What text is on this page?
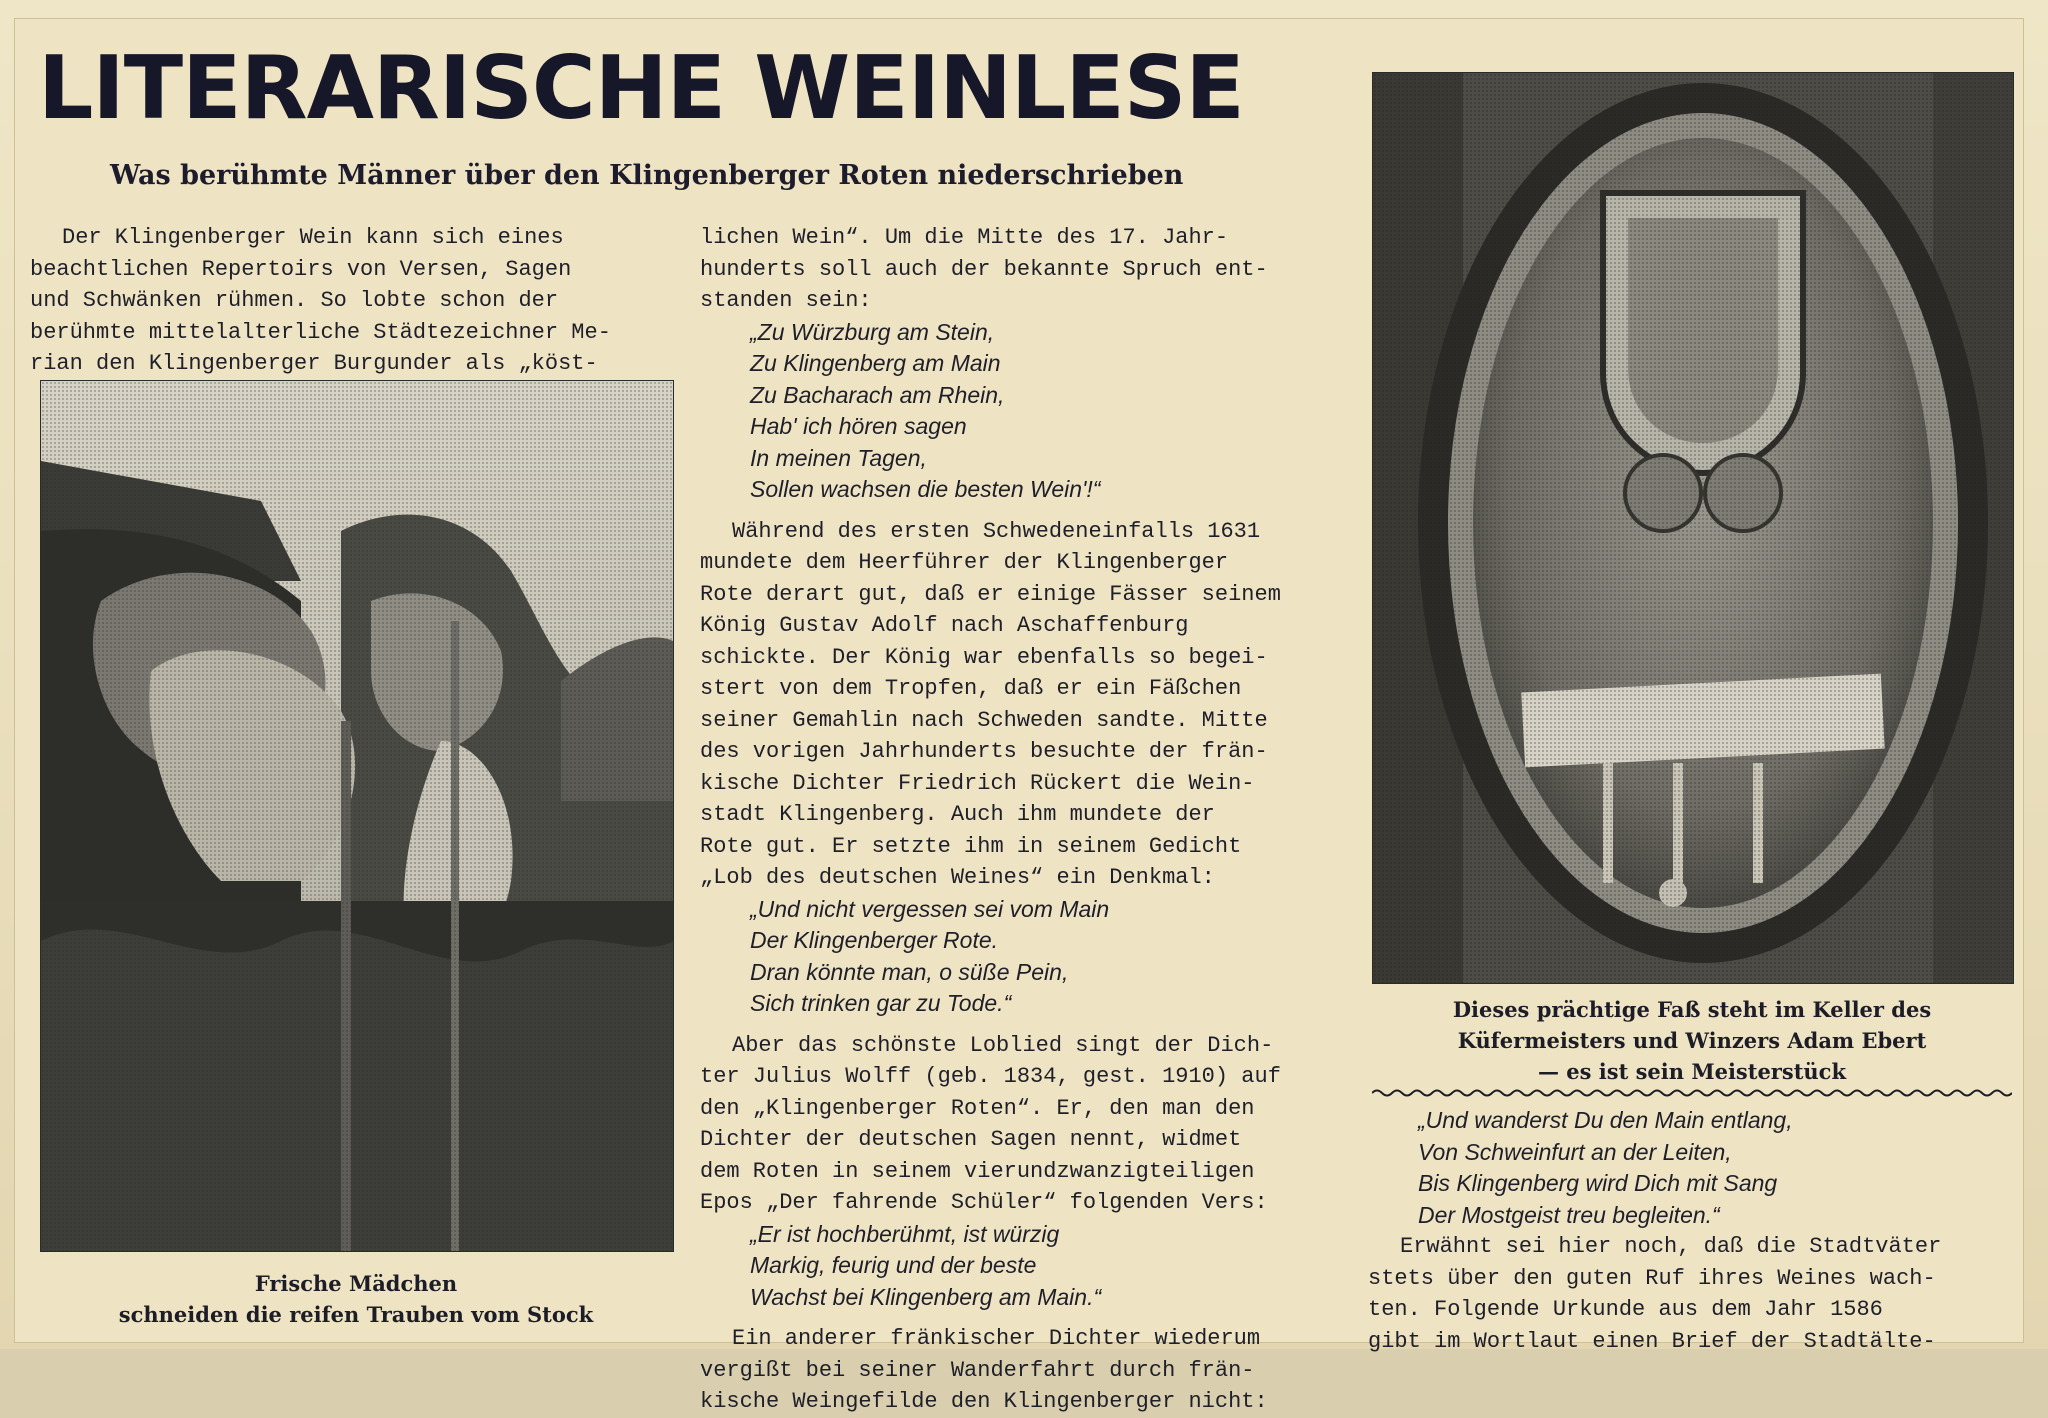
LITERARISCHE WEINLESE
Was berühmte Männer über den Klingenberger Roten niederschrieben

Der Klingenberger Wein kann sich eines

beachtlichen Repertoirs von Versen, Sagen

und Schwänken rühmen. So lobte schon der

berühmte mittelalterliche Städtezeichner Me-

rian den Klingenberger Burgunder als „köst-

Frische Mädchen
schneiden die reifen Trauben vom Stock

lichen Wein“. Um die Mitte des 17. Jahr-

hunderts soll auch der bekannte Spruch ent-

standen sein:

„Zu Würzburg am Stein,

Zu Klingenberg am Main

Zu Bacharach am Rhein,

Hab' ich hören sagen

In meinen Tagen,

Sollen wachsen die besten Wein'!“

Während des ersten Schwedeneinfalls 1631

mundete dem Heerführer der Klingenberger

Rote derart gut, daß er einige Fässer seinem

König Gustav Adolf nach Aschaffenburg

schickte. Der König war ebenfalls so begei-

stert von dem Tropfen, daß er ein Fäßchen

seiner Gemahlin nach Schweden sandte. Mitte

des vorigen Jahrhunderts besuchte der frän-

kische Dichter Friedrich Rückert die Wein-

stadt Klingenberg. Auch ihm mundete der

Rote gut. Er setzte ihm in seinem Gedicht

„Lob des deutschen Weines“ ein Denkmal:

„Und nicht vergessen sei vom Main

Der Klingenberger Rote.

Dran könnte man, o süße Pein,

Sich trinken gar zu Tode.“

Aber das schönste Loblied singt der Dich-

ter Julius Wolff (geb. 1834, gest. 1910) auf

den „Klingenberger Roten“. Er, den man den

Dichter der deutschen Sagen nennt, widmet

dem Roten in seinem vierundzwanzigteiligen

Epos „Der fahrende Schüler“ folgenden Vers:

„Er ist hochberühmt, ist würzig

Markig, feurig und der beste

Wachst bei Klingenberg am Main.“

Ein anderer fränkischer Dichter wiederum

vergißt bei seiner Wanderfahrt durch frän-

kische Weingefilde den Klingenberger nicht:

Dieses prächtige Faß steht im Keller des
Küfermeisters und Winzers Adam Ebert
— es ist sein Meisterstück

„Und wanderst Du den Main entlang,

Von Schweinfurt an der Leiten,

Bis Klingenberg wird Dich mit Sang

Der Mostgeist treu begleiten.“

Erwähnt sei hier noch, daß die Stadtväter

stets über den guten Ruf ihres Weines wach-

ten. Folgende Urkunde aus dem Jahr 1586

gibt im Wortlaut einen Brief der Stadtälte-
